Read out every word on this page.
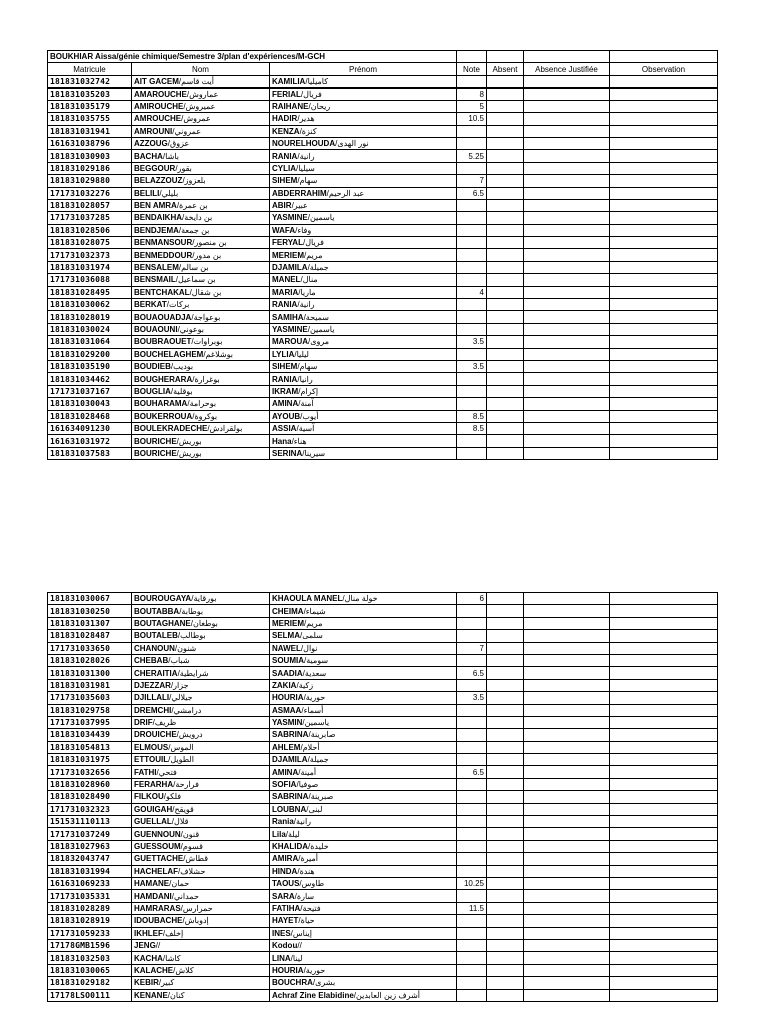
BOUKHIAR Aissa/génie chimique/Semestre 3/plan d'expériences/M-GCH						
Matricule	Nom	Prénom	Note	Absent	Absence Justifiée	Observation
181831032742	AIT GACEM/أيت قاسم	KAMILIA/كاميليا				
181831035203	AMAROUCHE/عماروش	FERIAL/فريال	8			
181831035179	AMIROUCHE/عميروش	RAIHANE/ريحان	5			
181831035755	AMROUCHE/عمروش	HADIR/هدير	10.5			
181831031941	AMROUNI/عمروني	KENZA/كنزة				
161631038796	AZZOUG/عزوق	NOURELHOUDA/نور الهدى				
181831030903	BACHA/باشا	RANIA/رانية	5.25			
181831029186	BEGGOUR/بقور	CYLIA/سيليا				
181831029880	BELAZZOUZ/بلعزوز	SIHEM/سهام	7			
171731032276	BELILI/بليلي	ABDERRAHIM/عبد الرحيم	6.5			
181831028057	BEN AMRA/بن عمرة	ABIR/عبير				
171731037285	BENDAIKHA/بن دايخة	YASMINE/ياسمين				
181831028506	BENDJEMA/بن جمعة	WAFA/وفاء				
181831028075	BENMANSOUR/بن منصور	FERYAL/فريال				
171731032373	BENMEDDOUR/بن مدور	MERIEM/مريم				
181831031974	BENSALEM/بن سالم	DJAMILA/جميلة				
171731036088	BENSMAIL/بن سماعيل	MANEL/منال				
181831028495	BENTCHAKAL/بن شقال	MARIA/ماريا	4			
181831030062	BERKAT/بركات	RANIA/رانية				
181831028019	BOUAOUADJA/بوعواجة	SAMIHA/سميحة				
181831030024	BOUAOUNI/بوعوني	YASMINE/ياسمين				
181831031064	BOUBRAOUET/بوبراوات	MAROUA/مروى	3.5			
181831029200	BOUCHELAGHEM/بوشلاغم	LYLIA/ليليا				
181831035190	BOUDIEB/بوديب	SIHEM/سهام	3.5			
181831034462	BOUGHERARA/بوغرارة	RANIA/رانيا				
171731037167	BOUGLIA/بوقلية	IKRAM/إكرام				
181831030043	BOUHARAMA/بوحرامة	AMINA/آمنة				
181831028468	BOUKERROUA/بوكروة	AYOUB/أيوب	8.5			
161634091230	BOULEKRADECHE/بولقرادش	ASSIA/آسية	8.5			
161631031972	BOURICHE/بوريش	Hana/هناء				
181831037583	BOURICHE/بوريش	SERINA/سيرينا				
181831030067	BOUROUGAYA/بورقاية	KHAOULA MANEL/خولة منال	6			
181831030250	BOUTABBA/بوطابة	CHEIMA/شيماء				
181831031307	BOUTAGHANE/بوطغان	MERIEM/مريم				
181831028487	BOUTALEB/بوطالب	SELMA/سلمى				
171731033650	CHANOUN/شنون	NAWEL/نوال	7			
181831028026	CHEBAB/شباب	SOUMIA/سومية				
181831031300	CHERAITIA/شرايطية	SAADIA/سعدية	6.5			
181831031981	DJEZZAR/جزار	ZAKIA/زكية				
171731035603	DJILLALI/جيلالي	HOURIA/حورية	3.5			
181831029758	DREMCHI/درامشي	ASMAA/أسماء				
171731037995	DRIF/ظريف	YASMIN/ياسمين				
181831034439	DROUICHE/درويش	SABRINA/صابرينة				
181831054813	ELMOUS/الموس	AHLEM/أحلام				
181831031975	ETTOUIL/الطويل	DJAMILA/جميلة				
171731032656	FATHI/فتحي	AMINA/أمينة	6.5			
181831028960	FERARHA/فرارحة	SOFIA/صوفيا				
181831028490	FILKOU/فلكو	SABRINA/صبرينة				
171731032323	GOUIGAH/قويقح	LOUBNA/لبنى				
151531110113	GUELLAL/قلال	Rania/رانية				
171731037249	GUENNOUN/قنون	Lila/ليلة				
181831027963	GUESSOUM/قسوم	KHALIDA/خليدة				
181832043747	GUETTACHE/قطاش	AMIRA/أميرة				
181831031994	HACHELAF/حشلاف	HINDA/هندة				
161631069233	HAMANE/حمان	TAOUS/طاوس	10.25			
171731035331	HAMDANI/حمداني	SARA/سارة				
181831028289	HAMRARAS/حمرارس	FATIHA/فتيحة	11.5			
181831028919	IDOUBACHE/إدوباش	HAYET/حياة				
171731059233	IKHLEF/إخلف	INES/إيناس				
17178GMB1596	JENG//	Kodou//				
181831032503	KACHA/كاشا	LINA/لينا				
181831030065	KALACHE/كلاش	HOURIA/حورية				
181831029182	KEBIR/كبير	BOUCHRA/بشرى				
17178LSO0111	KENANE/كنان	Achraf Zine Elabidine/أشرف زين العابدين				
